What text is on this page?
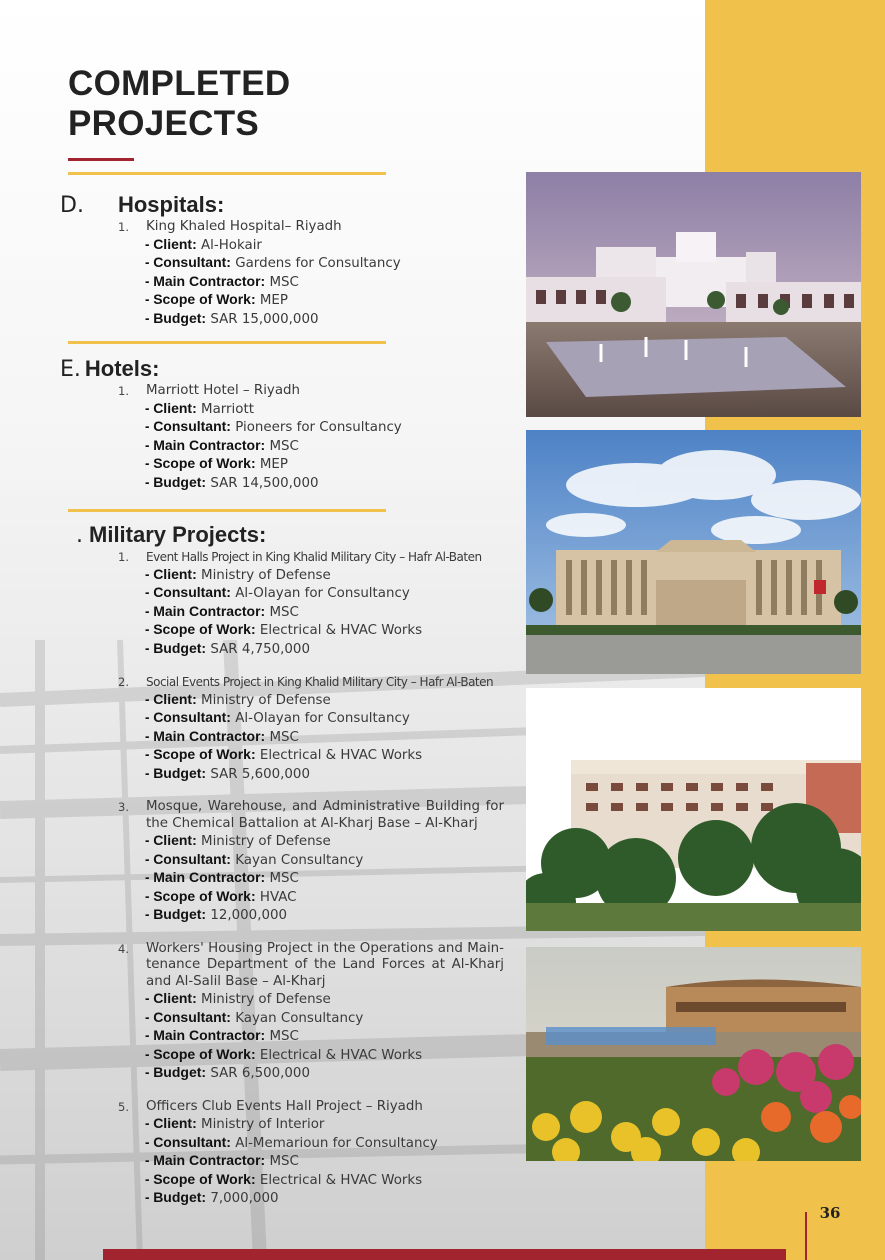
COMPLETED
PROJECTS
D. Hospitals:
1. King Khaled Hospital– Riyadh
- Client: Al-Hokair
- Consultant: Gardens for Consultancy
- Main Contractor: MSC
- Scope of Work: MEP
- Budget: SAR 15,000,000
E. Hotels:
1. Marriott Hotel – Riyadh
- Client: Marriott
- Consultant: Pioneers for Consultancy
- Main Contractor: MSC
- Scope of Work: MEP
- Budget: SAR 14,500,000
. Military Projects:
1. Event Halls Project in King Khalid Military City – Hafr Al-Baten
- Client: Ministry of Defense
- Consultant: Al-Olayan for Consultancy
- Main Contractor: MSC
- Scope of Work: Electrical & HVAC Works
- Budget: SAR 4,750,000
2. Social Events Project in King Khalid Military City – Hafr Al-Baten
- Client: Ministry of Defense
- Consultant: Al-Olayan for Consultancy
- Main Contractor: MSC
- Scope of Work: Electrical & HVAC Works
- Budget: SAR 5,600,000
3. Mosque, Warehouse, and Administrative Building for the Chemical Battalion at Al-Kharj Base – Al-Kharj
- Client: Ministry of Defense
- Consultant: Kayan Consultancy
- Main Contractor: MSC
- Scope of Work: HVAC
- Budget: 12,000,000
4. Workers' Housing Project in the Operations and Main-tenance Department of the Land Forces at Al-Kharj and Al-Salil Base – Al-Kharj
- Client: Ministry of Defense
- Consultant: Kayan Consultancy
- Main Contractor: MSC
- Scope of Work: Electrical & HVAC Works
- Budget: SAR 6,500,000
5. Officers Club Events Hall Project – Riyadh
- Client: Ministry of Interior
- Consultant: Al-Memarioun for Consultancy
- Main Contractor: MSC
- Scope of Work: Electrical & HVAC Works
- Budget: 7,000,000
36
